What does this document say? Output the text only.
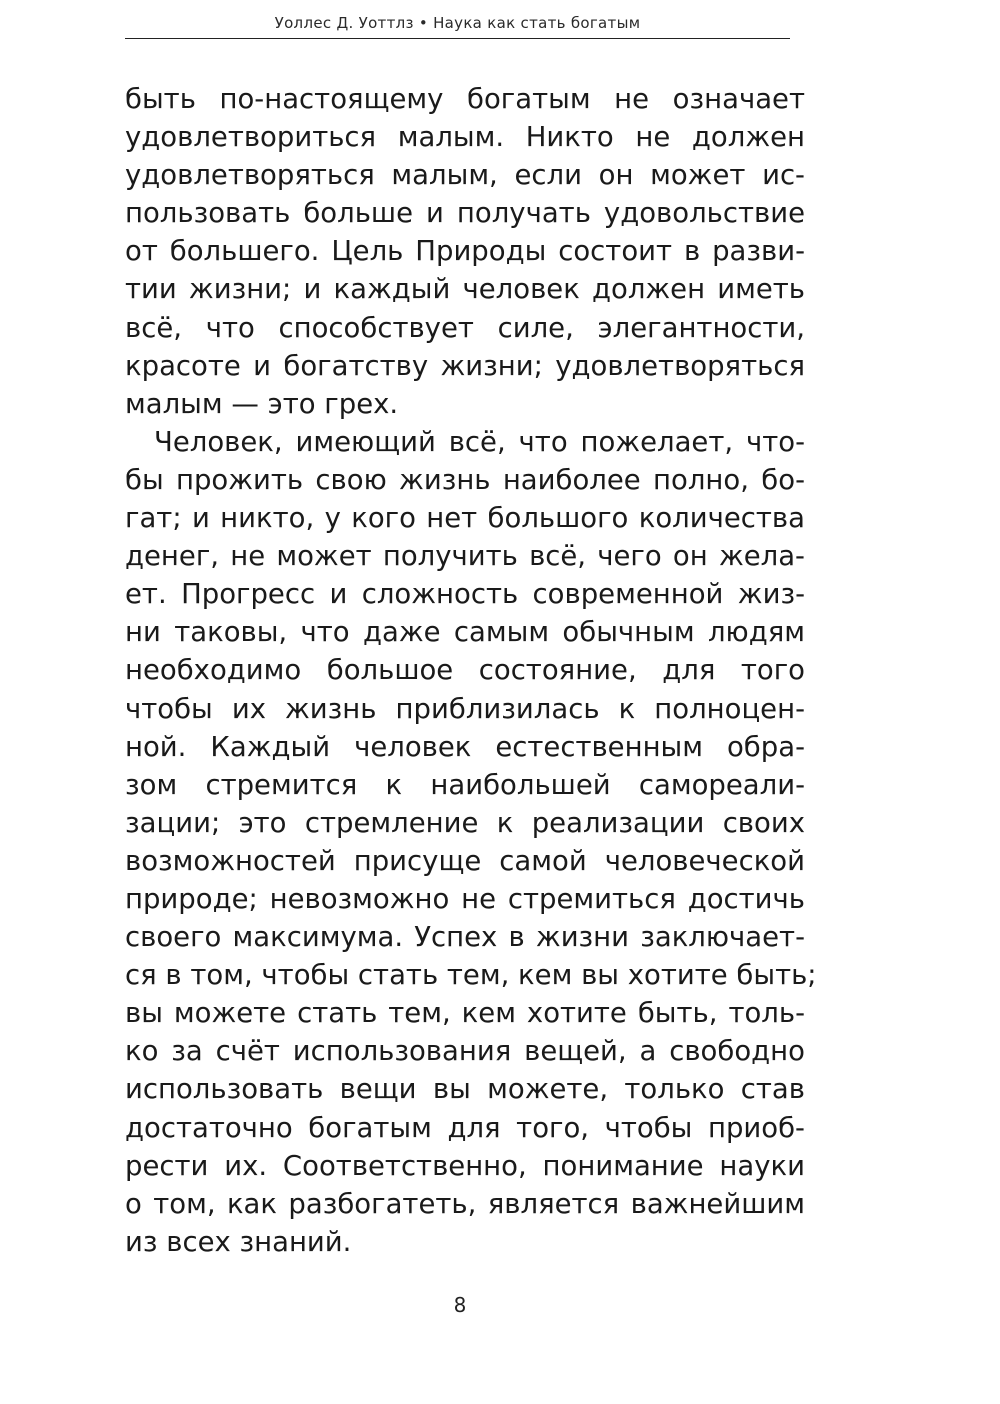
Уоллес Д. Уоттлз • Наука как стать богатым
быть по-настоящему богатым не означает
удовлетвориться малым. Никто не должен
удовлетворяться малым, если он может ис-
пользовать больше и получать удовольствие
от большего. Цель Природы состоит в разви-
тии жизни; и каждый человек должен иметь
всё, что способствует силе, элегантности,
красоте и богатству жизни; удовлетворяться
малым — это грех.
Человек, имеющий всё, что пожелает, что-
бы прожить свою жизнь наиболее полно, бо-
гат; и никто, у кого нет большого количества
денег, не может получить всё, чего он жела-
ет. Прогресс и сложность современной жиз-
ни таковы, что даже самым обычным людям
необходимо большое состояние, для того
чтобы их жизнь приблизилась к полноцен-
ной. Каждый человек естественным обра-
зом стремится к наибольшей самореали-
зации; это стремление к реализации своих
возможностей присуще самой человеческой
природе; невозможно не стремиться достичь
своего максимума. Успех в жизни заключает-
ся в том, чтобы стать тем, кем вы хотите быть;
вы можете стать тем, кем хотите быть, толь-
ко за счёт использования вещей, а свободно
использовать вещи вы можете, только став
достаточно богатым для того, чтобы приоб-
рести их. Соответственно, понимание науки
о том, как разбогатеть, является важнейшим
из всех знаний.
8
